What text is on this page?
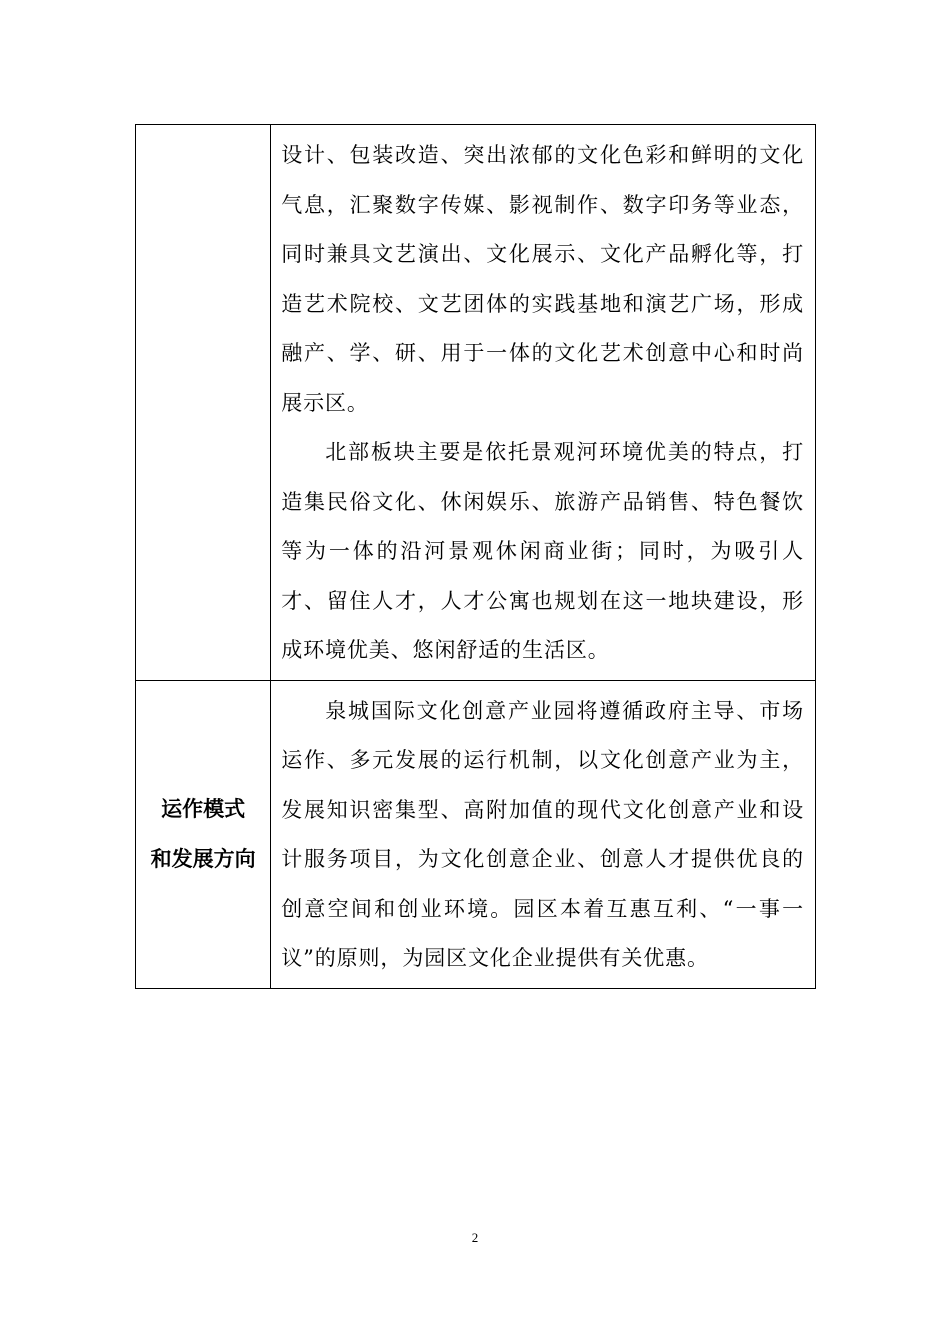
	设计、包装改造、突出浓郁的文化色彩和鲜明的文化气息，汇聚数字传媒、影视制作、数字印务等业态，同时兼具文艺演出、文化展示、文化产品孵化等，打造艺术院校、文艺团体的实践基地和演艺广场，形成融产、学、研、用于一体的文化艺术创意中心和时尚展示区。

北部板块主要是依托景观河环境优美的特点，打造集民俗文化、休闲娱乐、旅游产品销售、特色餐饮等为一体的沿河景观休闲商业街；同时，为吸引人才、留住人才，人才公寓也规划在这一地块建设，形成环境优美、悠闲舒适的生活区。

运作模式
和发展方向	泉城国际文化创意产业园将遵循政府主导、市场运作、多元发展的运行机制，以文化创意产业为主，发展知识密集型、高附加值的现代文化创意产业和设计服务项目，为文化创意企业、创意人才提供优良的创意空间和创业环境。园区本着互惠互利、“一事一议”的原则，为园区文化企业提供有关优惠。

2
